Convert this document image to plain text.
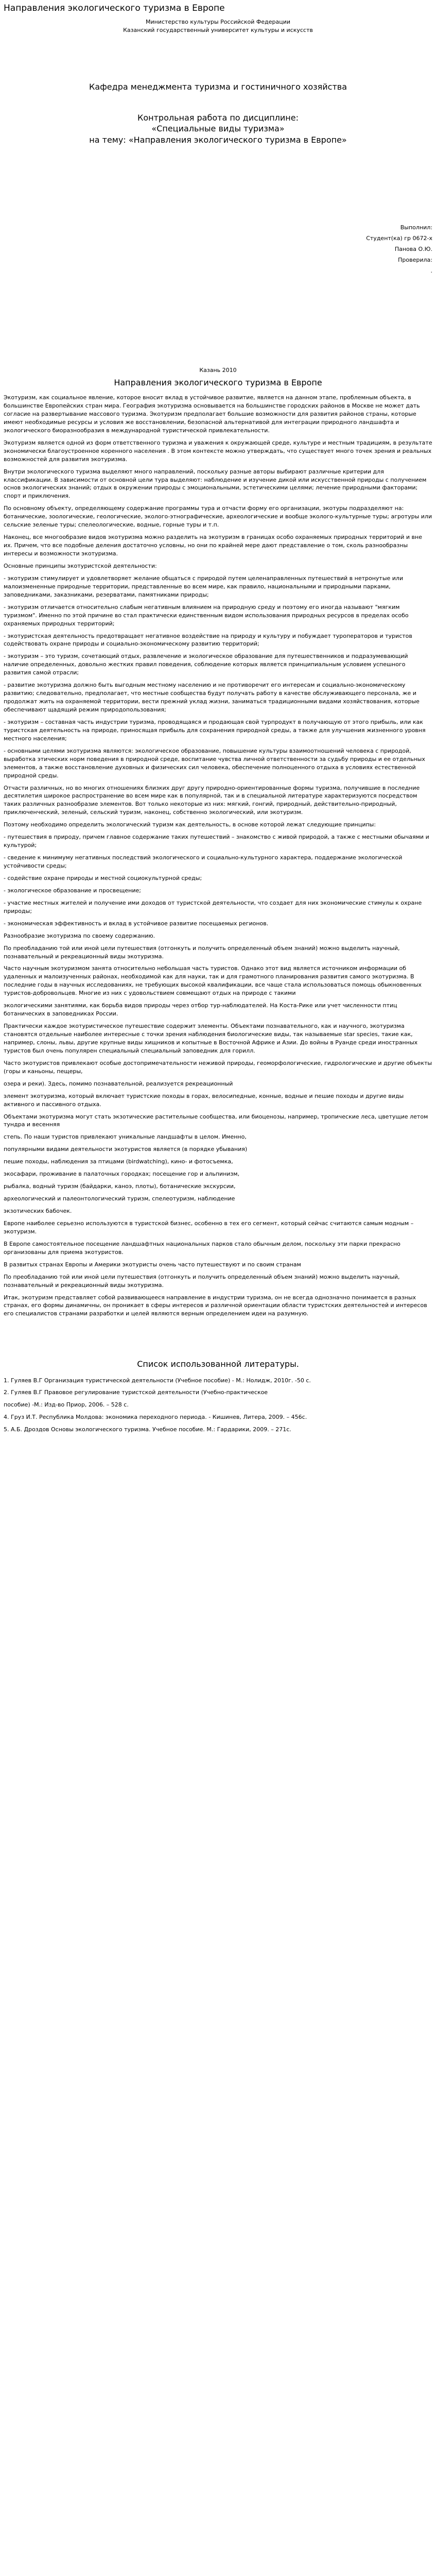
Направления экологического туризма в Европе

Министерство культуры Российской Федерации

Казанский государственный университет культуры и искусств

Кафедра менеджмента туризма и гостиничного хозяйства
Контрольная работа по дисциплине:
«Специальные виды туризма»
на тему: «Направления экологического туризма в Европе»
Выполнил:
Студент(ка) гр 0672-х
Панова О.Ю.
Проверила:
.
Казань 2010
Направления экологического туризма в Европе

Экотуризм, как социальное явление, которое вносит вклад в устойчивое развитие, является на данном этапе, проблемным объекта, в большинстве Европейских стран мира. География экотуризма основывается на большинстве городских районов в Москве не может дать согласие на развертывание массового туризма. Экотуризм предполагает большие возможности для развития районов страны, которые имеют необходимые ресурсы и условия же восстановлении, безопасной альтернативой для интеграции природного ландшафта и экологического биоразнообразия в международной туристической привлекательности.

Экотуризм является одной из форм ответственного туризма и уважения к окружающей среде, культуре и местным традициям, в результате экономически благоустроенное коренного населения . В этом контексте можно утверждать, что существует много точек зрения и реальных возможностей для развития экотуризма.

Внутри экологического туризма выделяют много направлений, поскольку разные авторы выбирают различные критерии для классификации. В зависимости от основной цели тура выделяют: наблюдение и изучение дикой или искусственной природы с получением основ экологических знаний; отдых в окружении природы с эмоциональными, эстетическими целями; лечение природными факторами; спорт и приключения.

По основному объекту, определяющему содержание программы тура и отчасти форму его организации, экотуры подразделяют на: ботанические, зоологические, геологические, эколого-этнографические, археологические и вообще эколого-культурные туры; агротуры или сельские зеленые туры; спелеологические, водные, горные туры и т.п.

Наконец, все многообразие видов экотуризма можно разделить на экотуризм в границах особо охраняемых природных территорий и вне их. Причем, что все подобные деления достаточно условны, но они по крайней мере дают представление о том, сколь разнообразны интересы и возможности экотуризма.

Основные принципы экотуристской деятельности:

- экотуризм стимулирует и удовлетворяет желание общаться с природой путем целенаправленных путешествий в нетронутые или малоизмененные природные территории, представленные во всем мире, как правило, национальными и природными парками, заповедниками, заказниками, резерватами, памятниками природы;

- экотуризм отличается относительно слабым негативным влиянием на природную среду и поэтому его иногда называют "мягким туризмом". Именно по этой причине во стал практически единственным видом использования природных ресурсов в пределах особо охраняемых природных территорий;

- экотуристская деятельность предотвращает негативное воздействие на природу и культуру и побуждает туроператоров и туристов содействовать охране природы и социально-экономическому развитию территорий;

- экотуризм – это туризм, сочетающий отдых, развлечение и экологическое образование для путешественников и подразумевающий наличие определенных, довольно жестких правил поведения, соблюдение которых является принципиальным условием успешного развития самой отрасли;

- развитие экотуризма должно быть выгодным местному населению и не противоречит его интересам и социально-экономическому развитию; следовательно, предполагает, что местные сообщества будут получать работу в качестве обслуживающего персонала, же и продолжат жить на охраняемой территории, вести прежний уклад жизни, заниматься традиционными видами хозяйствования, которые обеспечивают щадящий режим природопользования;

- экотуризм – составная часть индустрии туризма, проводящаяся и продающая свой турпродукт в получающую от этого прибыль, или как туристская деятельность на природе, приносящая прибыль для сохранения природной среды, а также для улучшения жизненного уровня местного населения;

- основными целями экотуризма являются: экологическое образование, повышение культуры взаимоотношений человека с природой, выработка этических норм поведения в природной среде, воспитание чувства личной ответственности за судьбу природы и ее отдельных элементов, а также восстановление духовных и физических сил человека, обеспечение полноценного отдыха в условиях естественной природной среды.

Отчасти различных, но во многих отношениях близких друг другу природно-ориентированные формы туризма, получившие в последние десятилетия широкое распространение во всем мире как в популярной, так и в специальной литературе характеризуются посредством таких различных разнообразие элементов. Вот только некоторые из них: мягкий, гонгий, природный, действительно-природный, приключенческий, зеленый, сельский туризм, наконец, собственно экологический, или экотуризм.

Поэтому необходимо определить экологический туризм как деятельность, в основе которой лежат следующие принципы:

- путешествия в природу, причем главное содержание таких путешествий – знакомство с живой природой, а также с местными обычаями и культурой;

- сведение к минимуму негативных последствий экологического и социально-культурного характера, поддержание экологической устойчивости среды;

- содействие охране природы и местной социокультурной среды;

- экологическое образование и просвещение;

- участие местных жителей и получение ими доходов от туристской деятельности, что создает для них экономические стимулы к охране природы;

- экономическая эффективность и вклад в устойчивое развитие посещаемых регионов.

Разнообразие экотуризма по своему содержанию.

По преобладанию той или иной цели путешествия (отгонкуть и получить определенный объем знаний) можно выделить научный, познавательный и рекреационный виды экотуризма.

Часто научным экотуризмом занята относительно небольшая часть туристов. Однако этот вид является источником информации об удаленных и малоизученных районах, необходимой как для науки, так и для грамотного планирования развития самого экотуризма. В последние годы в научных исследованиях, не требующих высокой квалификации, все чаще стала использоваться помощь обыкновенных туристов-добровольцев. Многие из них с удовольствием совмещают отдых на природе с такими

экологическими занятиями, как борьба видов природы через отбор тур-наблюдателей. На Коста-Рике или учет численности птиц ботанических в заповедниках России.

Практически каждое экотуристическое путешествие содержит элементы. Объектами познавательного, как и научного, экотуризма становятся отдельные наиболее интересные с точки зрения наблюдения биологические виды, так называемые star species, такие как, например, слоны, львы, другие крупные виды хищников и копытные в Восточной Африке и Азии. До войны в Руанде среди иностранных туристов был очень популярен специальный специальный заповедник для горилл.

Часто экотуристов привлекают особые достопримечательности неживой природы, геоморфологические, гидрологические и другие объекты (горы и каньоны, пещеры,

озера и реки). Здесь, помимо познавательной, реализуется рекреационный

элемент экотуризма, который включает туристские походы в горах, велосипедные, конные, водные и пешие походы и другие виды активного и пассивного отдыха.

Объектами экотуризма могут стать экзотические растительные сообщества, или биоценозы, например, тропические леса, цветущие летом тундра и весенняя

степь. По наши туристов привлекают уникальные ландшафты в целом. Именно,

популярными видами деятельности экотуристов является (в порядке убывания)

пешие походы, наблюдения за птицами (birdwatching), кино- и фотосъемка,

экосафари, проживание в палаточных городках; посещение гор и альпинизм,

рыбалка, водный туризм (байдарки, каноэ, плоты), ботанические экскурсии,

археологический и палеонтологический туризм, спелеотуризм, наблюдение

экзотических бабочек.

Европе наиболее серьезно используются в туристской бизнес, особенно в тех его сегмент, который сейчас считаются самым модным – экотуризм.

В Европе самостоятельное посещение ландшафтных национальных парков стало обычным делом, поскольку эти парки прекрасно организованы для приема экотуристов.

В развитых странах Европы и Америки экотуристы очень часто путешествуют и по своим странам

По преобладанию той или иной цели путешествия (отгонкуть и получить определенный объем знаний) можно выделить научный, познавательный и рекреационный виды экотуризма.

Итак, экотуризм представляет собой развивающееся направление в индустрии туризма, он не всегда однозначно понимается в разных странах, его формы динамичны, он проникает в сферы интересов и различной ориентации области туристских деятельностей и интересов его специалистов странами разработки и целей являются верным определением идеи на разумную.

Список использованной литературы.

1. Гуляев В.Г Организация туристической деятельности (Учебное пособие) - М.: Нолидж, 2010г. -50 с.

2. Гуляев В.Г Правовое регулирование туристской деятельности (Учебно-практическое

пособие) -М.: Изд-во Приор, 2006. – 528 с.

4. Груз И.Т. Республика Молдова: экономика переходного периода. - Кишинев, Литера, 2009. – 456с.

5. А.Б. Дроздов Основы экологического туризма. Учебное пособие. М.: Гардарики, 2009. – 271с.
